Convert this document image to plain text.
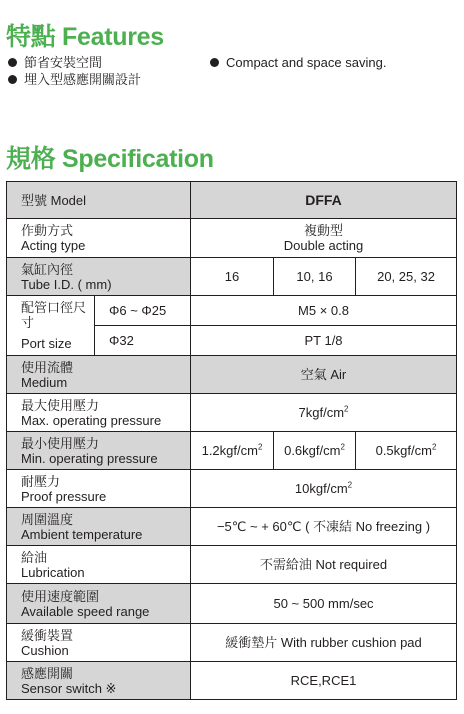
特點 Features
節省安裝空間
埋入型感應開關設計
Compact and space saving.
規格 Specification
型號 Model		DFFA		

作動方式
Acting type		複動型
Double acting		

氣缸內徑
Tube I.D. ( mm)		16	10, 16	20, 25, 32

配管口徑尺寸
Port size	Φ6 ~ Φ25	M5 × 0.8		
	Φ32	PT 1/8		

使用流體
Medium		空氣 Air		

最大使用壓力
Max. operating pressure		$7kgf/cm^2$

最小使用壓力
Min. operating pressure		$1.2kgf/cm^2$	$0.6kgf/cm^2$	$0.5kgf/cm^2$

耐壓力
Proof pressure		$10kgf/cm^2$

周圍溫度
Ambient temperature		−5℃ ~ + 60℃ ( 不凍結 No freezing )		

給油
Lubrication		不需給油 Not required		

使用速度範圍
Available speed range		50 ~ 500 mm/sec		

緩衝裝置
Cushion		緩衝墊片 With rubber cushion pad		

感應開關
Sensor switch ※		RCE,RCE1		
